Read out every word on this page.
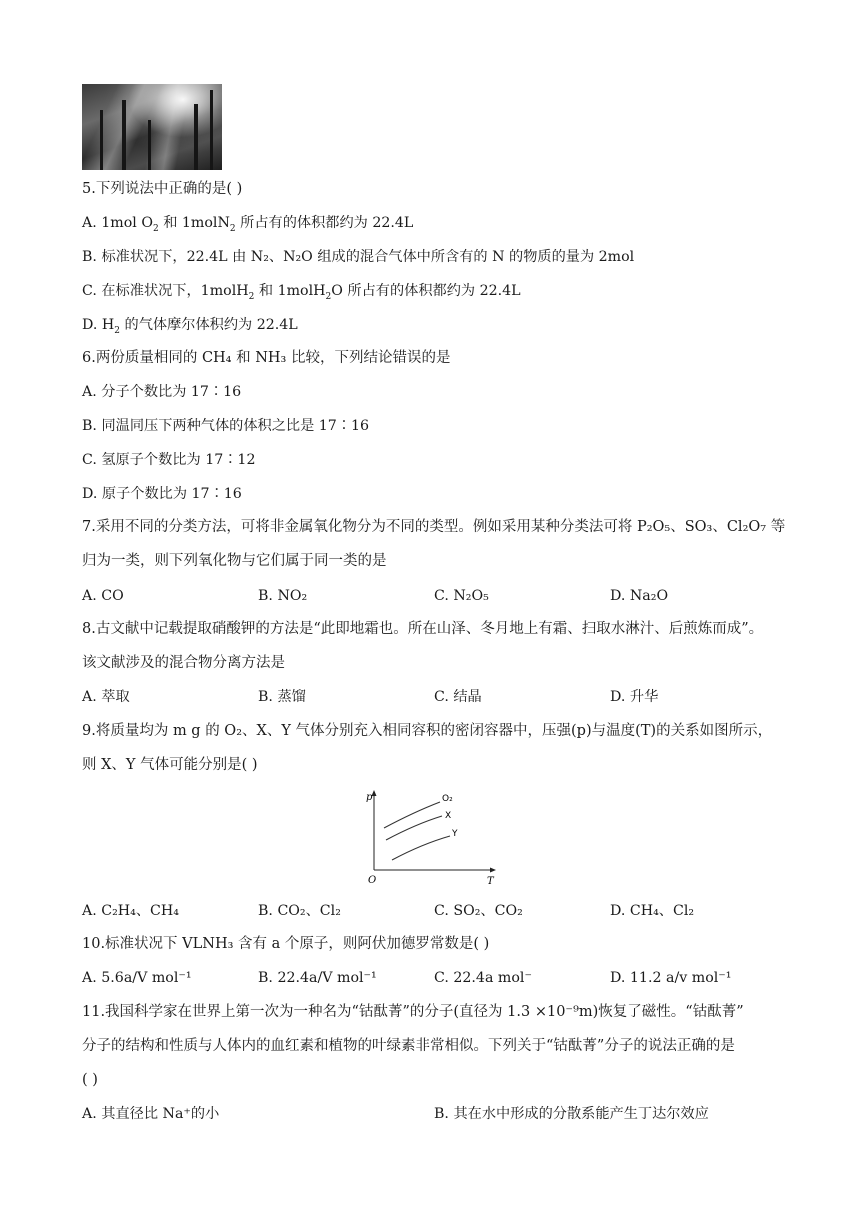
5.下列说法中正确的是( )
A. 1mol $O_2$ 和 1molN$_2$ 所占有的体积都约为 22.4L
B. 标准状况下，22.4L 由 N₂、N₂O 组成的混合气体中所含有的 N 的物质的量为 2mol
C. 在标准状况下，1molH$_2$ 和 1molH$_2$O 所占有的体积都约为 22.4L
D. $H_2$ 的气体摩尔体积约为 22.4L
6.两份质量相同的 CH₄ 和 NH₃ 比较，下列结论错误的是
A. 分子个数比为 17∶16
B. 同温同压下两种气体的体积之比是 17∶16
C. 氢原子个数比为 17∶12
D. 原子个数比为 17∶16
7.采用不同的分类方法，可将非金属氧化物分为不同的类型。例如采用某种分类法可将 P₂O₅、SO₃、Cl₂O₇ 等
归为一类，则下列氧化物与它们属于同一类的是
A. CO	B. NO₂	C. N₂O₅	D. Na₂O
8.古文献中记载提取硝酸钾的方法是“此即地霜也。所在山泽、冬月地上有霜、扫取水淋汁、后煎炼而成”。
该文献涉及的混合物分离方法是
A. 萃取	B. 蒸馏	C. 结晶	D. 升华
9.将质量均为 m g 的 O₂、X、Y 气体分别充入相同容积的密闭容器中，压强(p)与温度(T)的关系如图所示，
则 X、Y 气体可能分别是( )
p
T
O
O₂
X
Y
A. C₂H₄、CH₄	B. CO₂、Cl₂	C. SO₂、CO₂	D. CH₄、Cl₂
10.标准状况下 VLNH₃ 含有 a 个原子，则阿伏加德罗常数是( )
A. 5.6a/V mol⁻¹	B. 22.4a/V mol⁻¹	C. 22.4a mol⁻	D. 11.2 a/v mol⁻¹
11.我国科学家在世界上第一次为一种名为“钴酞菁”的分子(直径为 1.3 ×10⁻⁹m)恢复了磁性。“钴酞菁”
分子的结构和性质与人体内的血红素和植物的叶绿素非常相似。下列关于“钴酞菁”分子的说法正确的是
( )
A. 其直径比 Na⁺的小	B. 其在水中形成的分散系能产生丁达尔效应
